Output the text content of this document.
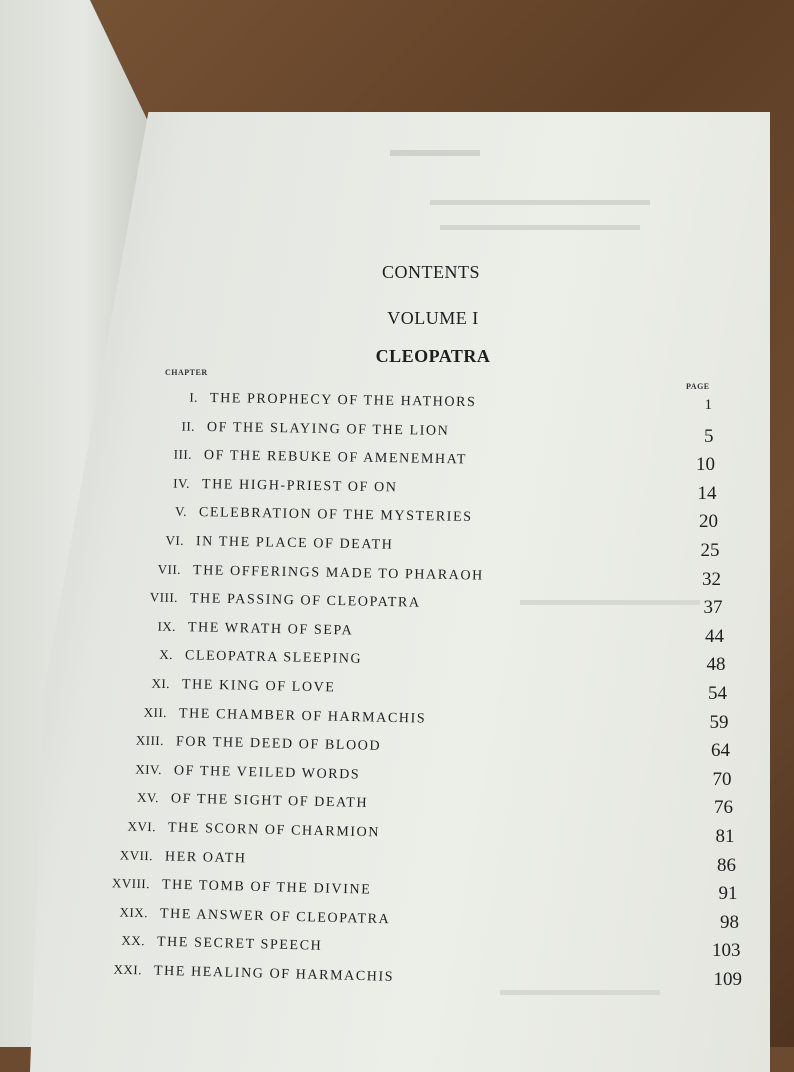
CONTENTS
VOLUME I
CLEOPATRA
CHAPTER
PAGE
I. THE PROPHECY OF THE HATHORS	1
II. OF THE SLAYING OF THE LION	5
III. OF THE REBUKE OF AMENEMHAT	10
IV. THE HIGH-PRIEST OF ON	14
V. CELEBRATION OF THE MYSTERIES	20
VI. IN THE PLACE OF DEATH	25
VII. THE OFFERINGS MADE TO PHARAOH	32
VIII. THE PASSING OF CLEOPATRA	37
IX. THE WRATH OF SEPA	44
X. CLEOPATRA SLEEPING	48
XI. THE KING OF LOVE	54
XII. THE CHAMBER OF HARMACHIS	59
XIII. FOR THE DEED OF BLOOD	64
XIV. OF THE VEILED WORDS	70
XV. OF THE SIGHT OF DEATH	76
XVI. THE SCORN OF CHARMION	81
XVII. HER OATH	86
XVIII. THE TOMB OF THE DIVINE	91
XIX. THE ANSWER OF CLEOPATRA	98
XX. THE SECRET SPEECH	103
XXI. THE HEALING OF HARMACHIS	109
